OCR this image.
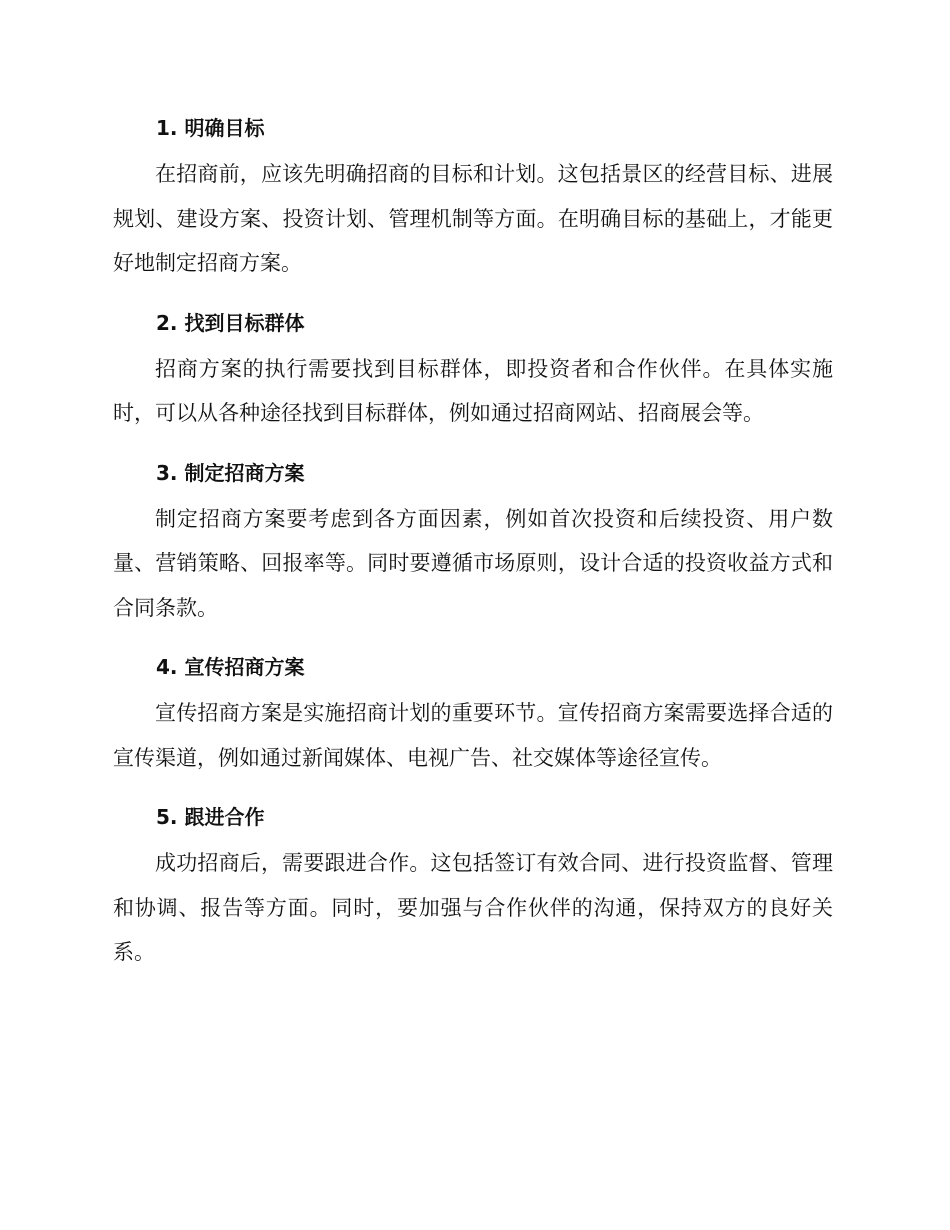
1. 明确目标

在招商前，应该先明确招商的目标和计划。这包括景区的经营目标、进展规划、建设方案、投资计划、管理机制等方面。在明确目标的基础上，才能更好地制定招商方案。

2. 找到目标群体

招商方案的执行需要找到目标群体，即投资者和合作伙伴。在具体实施时，可以从各种途径找到目标群体，例如通过招商网站、招商展会等。

3. 制定招商方案

制定招商方案要考虑到各方面因素，例如首次投资和后续投资、用户数量、营销策略、回报率等。同时要遵循市场原则，设计合适的投资收益方式和合同条款。

4. 宣传招商方案

宣传招商方案是实施招商计划的重要环节。宣传招商方案需要选择合适的宣传渠道，例如通过新闻媒体、电视广告、社交媒体等途径宣传。

5. 跟进合作

成功招商后，需要跟进合作。这包括签订有效合同、进行投资监督、管理和协调、报告等方面。同时，要加强与合作伙伴的沟通，保持双方的良好关系。
